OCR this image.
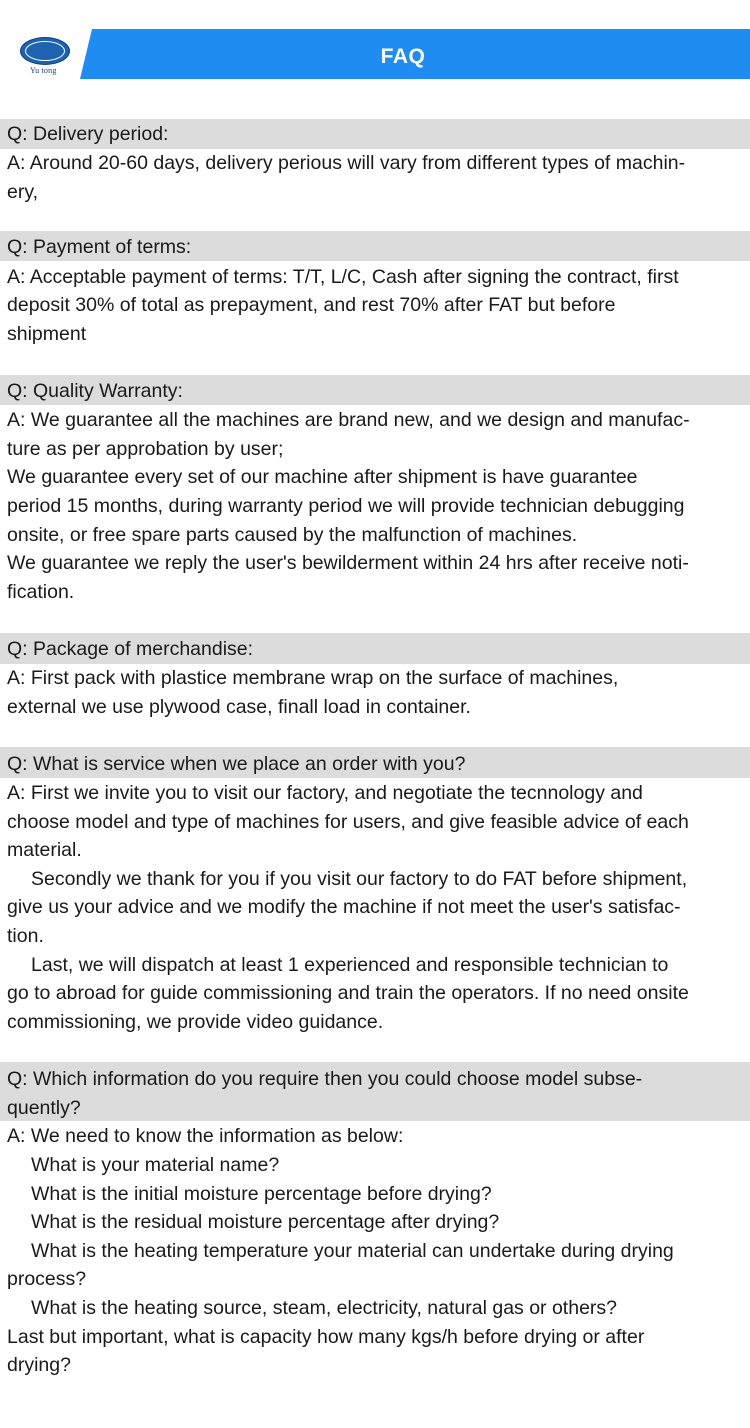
Yu tong
FAQ
Q: Delivery period:
A: Around 20-60 days, delivery perious will vary from different types of machin-
ery,
Q: Payment of terms:
A: Acceptable payment of terms: T/T, L/C, Cash after signing the contract, first
deposit 30% of total as prepayment, and rest 70% after FAT but before
shipment
Q: Quality Warranty:
A: We guarantee all the machines are brand new, and we design and manufac-
ture as per approbation by user;
We guarantee every set of our machine after shipment is have guarantee
period 15 months, during warranty period we will provide technician debugging
onsite, or free spare parts caused by the malfunction of machines.
We guarantee we reply the user's bewilderment within 24 hrs after receive noti-
fication.
Q: Package of merchandise:
A: First pack with plastice membrane wrap on the surface of machines,
external we use plywood case, finall load in container.
Q: What is service when we place an order with you?
A: First we invite you to visit our factory, and negotiate the tecnnology and
choose model and type of machines for users, and give feasible advice of each
material.
Secondly we thank for you if you visit our factory to do FAT before shipment,
give us your advice and we modify the machine if not meet the user's satisfac-
tion.
Last, we will dispatch at least 1 experienced and responsible technician to
go to abroad for guide commissioning and train the operators. If no need onsite
commissioning, we provide video guidance.
Q: Which information do you require then you could choose model subse-
quently?
A: We need to know the information as below:
What is your material name?
What is the initial moisture percentage before drying?
What is the residual moisture percentage after drying?
What is the heating temperature your material can undertake during drying
process?
What is the heating source, steam, electricity, natural gas or others?
Last but important, what is capacity how many kgs/h before drying or after
drying?
